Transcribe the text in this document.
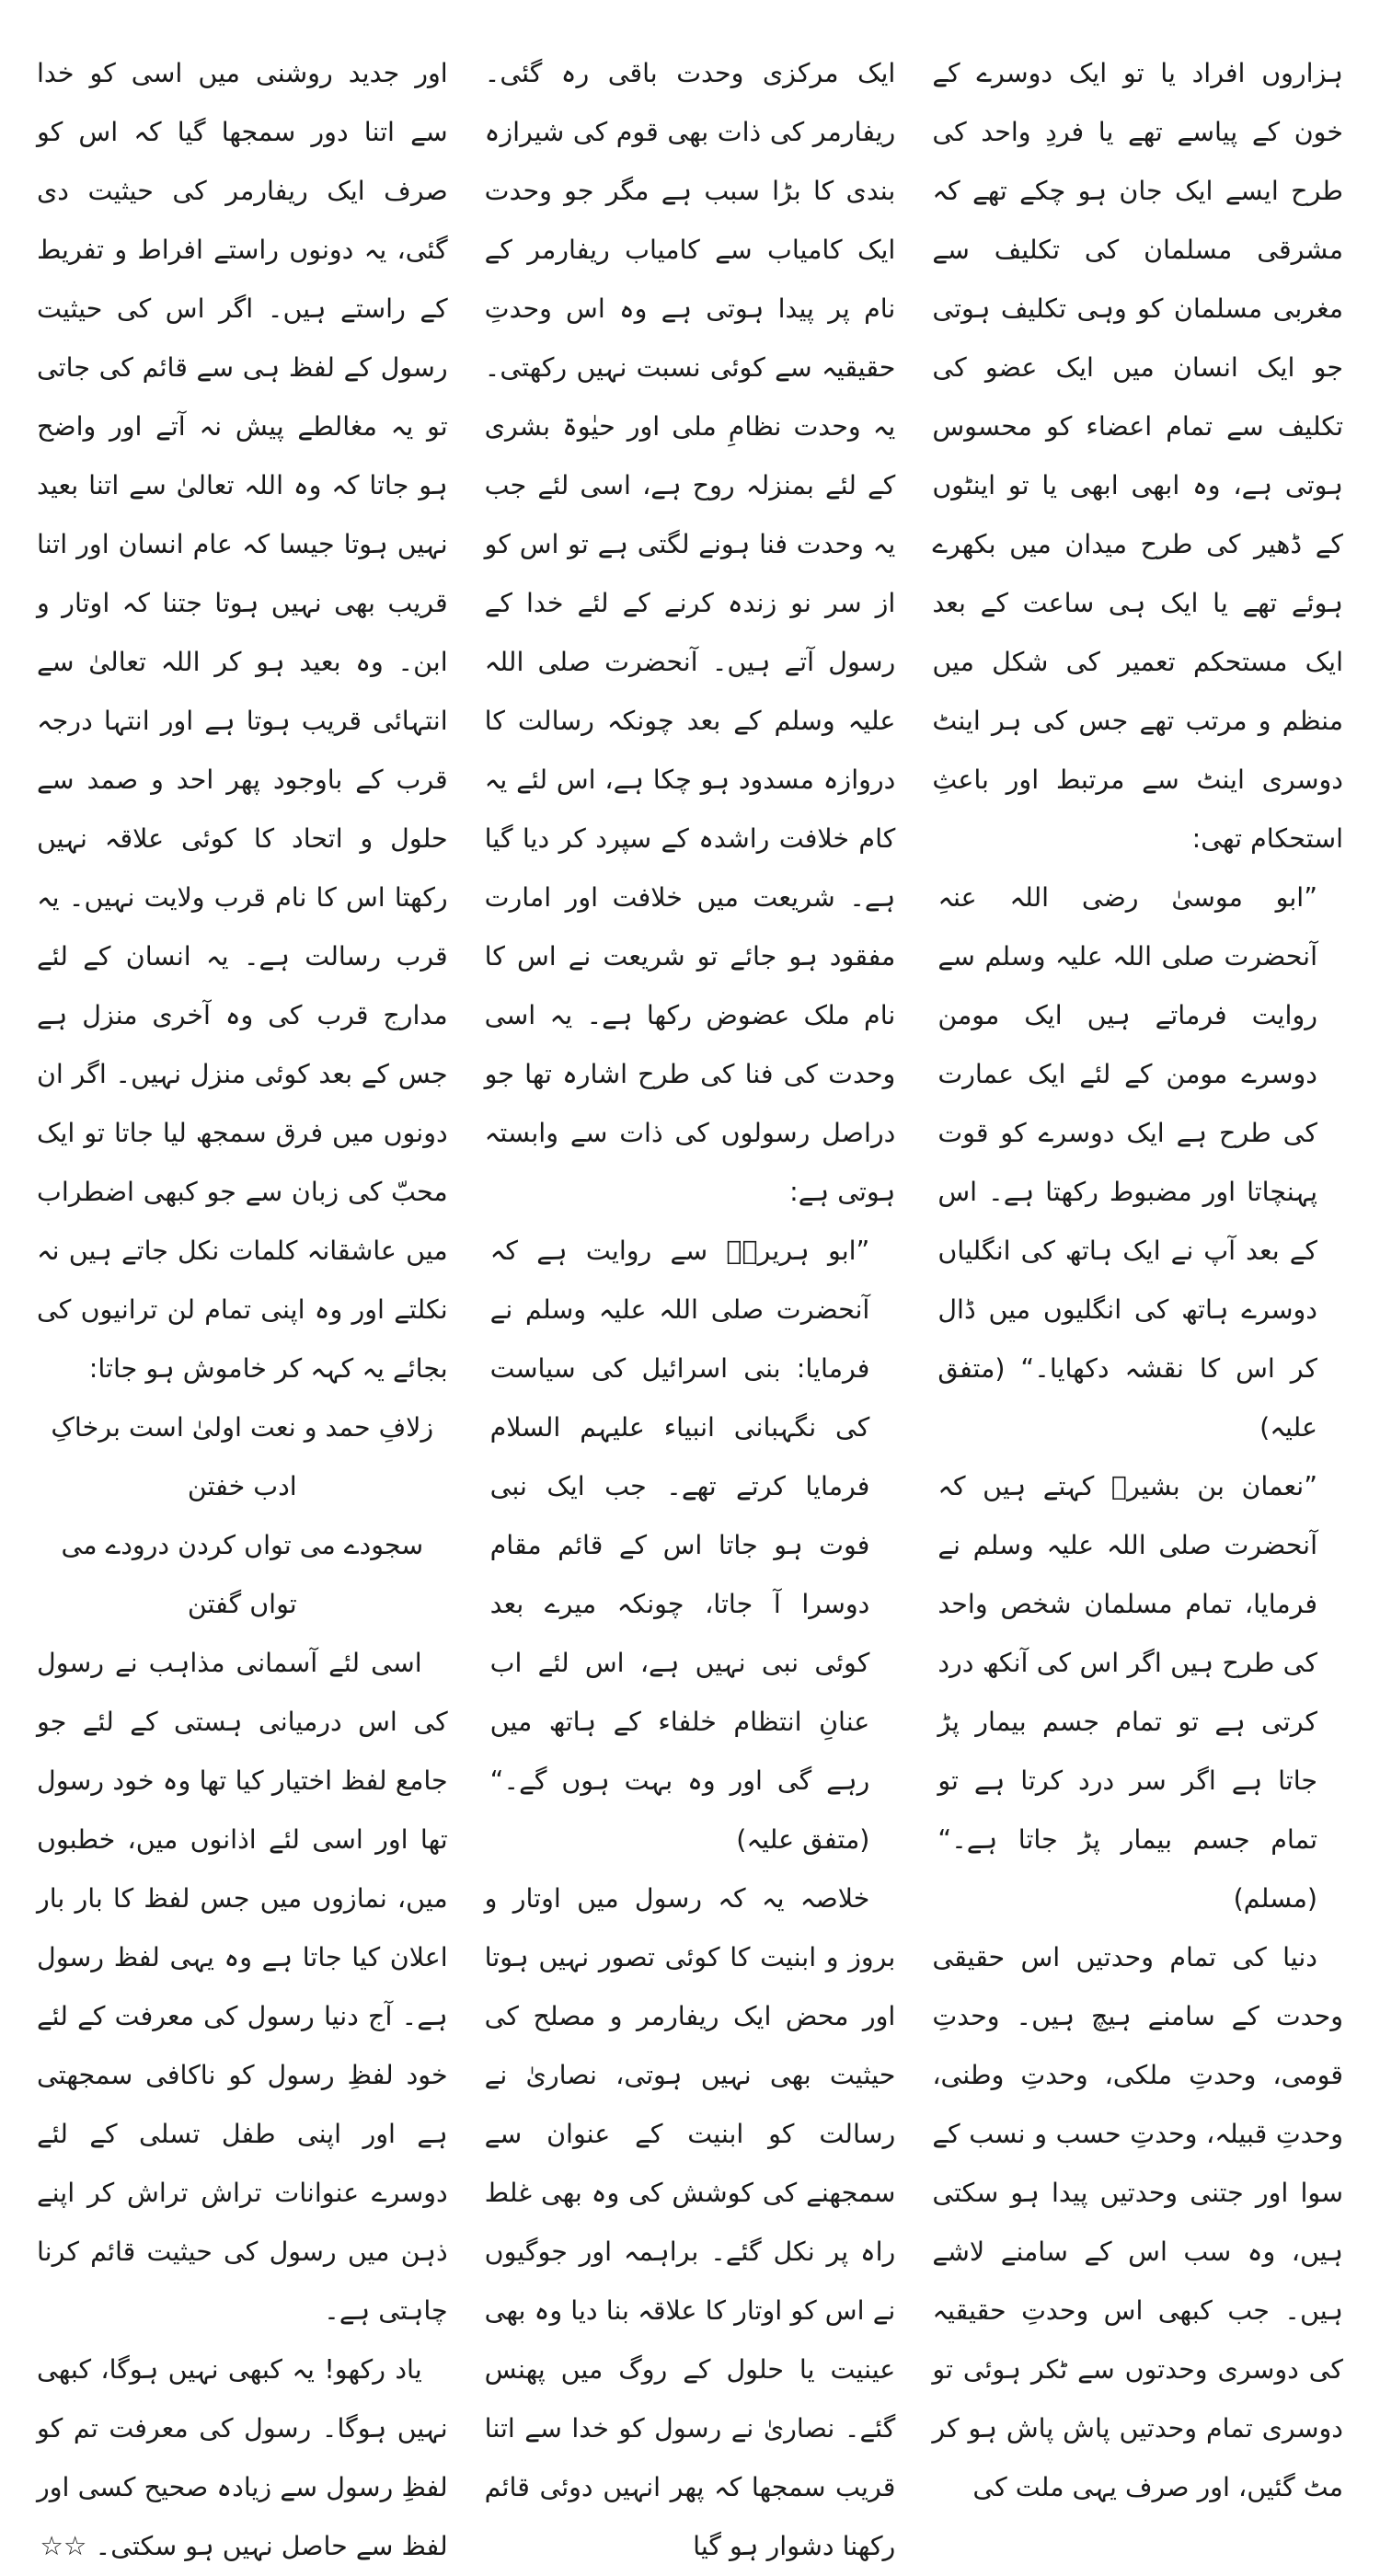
ہزاروں افراد یا تو ایک دوسرے کے خون کے پیاسے تھے یا فردِ واحد کی طرح ایسے ایک جان ہو چکے تھے کہ مشرقی مسلمان کی تکلیف سے مغربی مسلمان کو وہی تکلیف ہوتی جو ایک انسان میں ایک عضو کی تکلیف سے تمام اعضاء کو محسوس ہوتی ہے، وہ ابھی ابھی یا تو اینٹوں کے ڈھیر کی طرح میدان میں بکھرے ہوئے تھے یا ایک ہی ساعت کے بعد ایک مستحکم تعمیر کی شکل میں منظم و مرتب تھے جس کی ہر اینٹ دوسری اینٹ سے مرتبط اور باعثِ استحکام تھی:

”ابو موسیٰ رضی اللہ عنہ آنحضرت صلی اللہ علیہ وسلم سے روایت فرماتے ہیں ایک مومن دوسرے مومن کے لئے ایک عمارت کی طرح ہے ایک دوسرے کو قوت پہنچاتا اور مضبوط رکھتا ہے۔ اس کے بعد آپ نے ایک ہاتھ کی انگلیاں دوسرے ہاتھ کی انگلیوں میں ڈال کر اس کا نقشہ دکھایا۔“ (متفق علیہ)

”نعمان بن بشیرؓ کہتے ہیں کہ آنحضرت صلی اللہ علیہ وسلم نے فرمایا، تمام مسلمان شخص واحد کی طرح ہیں اگر اس کی آنکھ درد کرتی ہے تو تمام جسم بیمار پڑ جاتا ہے اگر سر درد کرتا ہے تو تمام جسم بیمار پڑ جاتا ہے۔“ (مسلم)

دنیا کی تمام وحدتیں اس حقیقی وحدت کے سامنے ہیچ ہیں۔ وحدتِ قومی، وحدتِ ملکی، وحدتِ وطنی، وحدتِ قبیلہ، وحدتِ حسب و نسب کے سوا اور جتنی وحدتیں پیدا ہو سکتی ہیں، وہ سب اس کے سامنے لاشے ہیں۔ جب کبھی اس وحدتِ حقیقیہ کی دوسری وحدتوں سے ٹکر ہوئی تو دوسری تمام وحدتیں پاش پاش ہو کر مٹ گئیں، اور صرف یہی ملت کی

ایک مرکزی وحدت باقی رہ گئی۔ ریفارمر کی ذات بھی قوم کی شیرازہ بندی کا بڑا سبب ہے مگر جو وحدت ایک کامیاب سے کامیاب ریفارمر کے نام پر پیدا ہوتی ہے وہ اس وحدتِ حقیقیہ سے کوئی نسبت نہیں رکھتی۔ یہ وحدت نظامِ ملی اور حیٰوۃ بشری کے لئے بمنزلہ روح ہے، اسی لئے جب یہ وحدت فنا ہونے لگتی ہے تو اس کو از سر نو زندہ کرنے کے لئے خدا کے رسول آتے ہیں۔ آنحضرت صلی اللہ علیہ وسلم کے بعد چونکہ رسالت کا دروازہ مسدود ہو چکا ہے، اس لئے یہ کام خلافت راشدہ کے سپرد کر دیا گیا ہے۔ شریعت میں خلافت اور امارت مفقود ہو جائے تو شریعت نے اس کا نام ملک عضوض رکھا ہے۔ یہ اسی وحدت کی فنا کی طرح اشارہ تھا جو دراصل رسولوں کی ذات سے وابستہ ہوتی ہے:

”ابو ہریرہؓ سے روایت ہے کہ آنحضرت صلی اللہ علیہ وسلم نے فرمایا: بنی اسرائیل کی سیاست کی نگہبانی انبیاء علیہم السلام فرمایا کرتے تھے۔ جب ایک نبی فوت ہو جاتا اس کے قائم مقام دوسرا آ جاتا، چونکہ میرے بعد کوئی نبی نہیں ہے، اس لئے اب عنانِ انتظام خلفاء کے ہاتھ میں رہے گی اور وہ بہت ہوں گے۔“ (متفق علیہ)

خلاصہ یہ کہ رسول میں اوتار و بروز و ابنیت کا کوئی تصور نہیں ہوتا اور محض ایک ریفارمر و مصلح کی حیثیت بھی نہیں ہوتی، نصاریٰ نے رسالت کو ابنیت کے عنوان سے سمجھنے کی کوشش کی وہ بھی غلط راہ پر نکل گئے۔ براہمہ اور جوگیوں نے اس کو اوتار کا علاقہ بنا دیا وہ بھی عینیت یا حلول کے روگ میں پھنس گئے۔ نصاریٰ نے رسول کو خدا سے اتنا قریب سمجھا کہ پھر انہیں دوئی قائم رکھنا دشوار ہو گیا

اور جدید روشنی میں اسی کو خدا سے اتنا دور سمجھا گیا کہ اس کو صرف ایک ریفارمر کی حیثیت دی گئی، یہ دونوں راستے افراط و تفریط کے راستے ہیں۔ اگر اس کی حیثیت رسول کے لفظ ہی سے قائم کی جاتی تو یہ مغالطے پیش نہ آتے اور واضح ہو جاتا کہ وہ اللہ تعالیٰ سے اتنا بعید نہیں ہوتا جیسا کہ عام انسان اور اتنا قریب بھی نہیں ہوتا جتنا کہ اوتار و ابن۔ وہ بعید ہو کر اللہ تعالیٰ سے انتہائی قریب ہوتا ہے اور انتہا درجہ قرب کے باوجود پھر احد و صمد سے حلول و اتحاد کا کوئی علاقہ نہیں رکھتا اس کا نام قرب ولایت نہیں۔ یہ قرب رسالت ہے۔ یہ انسان کے لئے مدارج قرب کی وہ آخری منزل ہے جس کے بعد کوئی منزل نہیں۔ اگر ان دونوں میں فرق سمجھ لیا جاتا تو ایک محبّ کی زبان سے جو کبھی اضطراب میں عاشقانہ کلمات نکل جاتے ہیں نہ نکلتے اور وہ اپنی تمام لن ترانیوں کی بجائے یہ کہہ کر خاموش ہو جاتا:

زلافِ حمد و نعت اولیٰ است برخاکِ ادب خفتن

سجودے می تواں کردن درودے می تواں گفتن

اسی لئے آسمانی مذاہب نے رسول کی اس درمیانی ہستی کے لئے جو جامع لفظ اختیار کیا تھا وہ خود رسول تھا اور اسی لئے اذانوں میں، خطبوں میں، نمازوں میں جس لفظ کا بار بار اعلان کیا جاتا ہے وہ یہی لفظ رسول ہے۔ آج دنیا رسول کی معرفت کے لئے خود لفظِ رسول کو ناکافی سمجھتی ہے اور اپنی طفل تسلی کے لئے دوسرے عنوانات تراش تراش کر اپنے ذہن میں رسول کی حیثیت قائم کرنا چاہتی ہے۔

یاد رکھو! یہ کبھی نہیں ہوگا، کبھی نہیں ہوگا۔ رسول کی معرفت تم کو لفظِ رسول سے زیادہ صحیح کسی اور لفظ سے حاصل نہیں ہو سکتی۔ ☆☆
